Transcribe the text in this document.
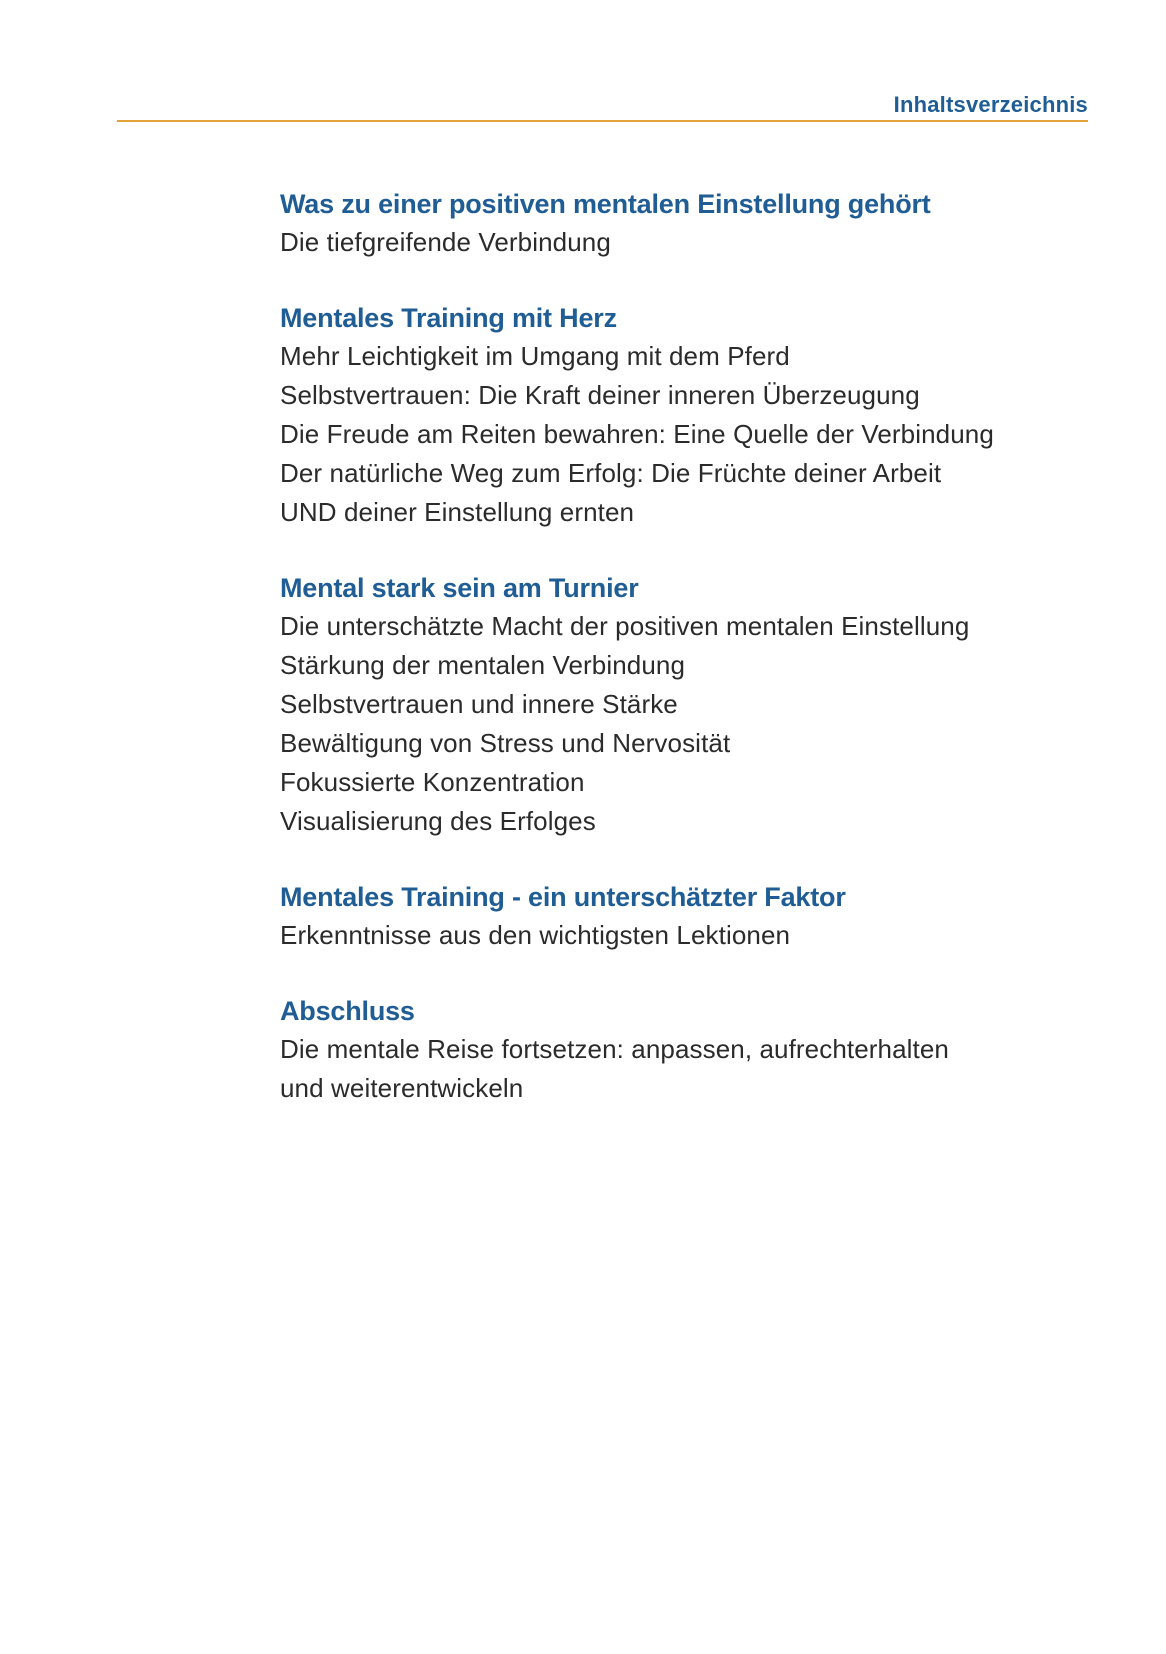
Inhaltsverzeichnis
Was zu einer positiven mentalen Einstellung gehört

Die tiefgreifende Verbindung

Mentales Training mit Herz

Mehr Leichtigkeit im Umgang mit dem Pferd

Selbstvertrauen: Die Kraft deiner inneren Überzeugung

Die Freude am Reiten bewahren: Eine Quelle der Verbindung

Der natürliche Weg zum Erfolg: Die Früchte deiner Arbeit

UND deiner Einstellung ernten

Mental stark sein am Turnier

Die unterschätzte Macht der positiven mentalen Einstellung

Stärkung der mentalen Verbindung

Selbstvertrauen und innere Stärke

Bewältigung von Stress und Nervosität

Fokussierte Konzentration

Visualisierung des Erfolges

Mentales Training - ein unterschätzter Faktor

Erkenntnisse aus den wichtigsten Lektionen

Abschluss

Die mentale Reise fortsetzen: anpassen, aufrechterhalten

und weiterentwickeln
